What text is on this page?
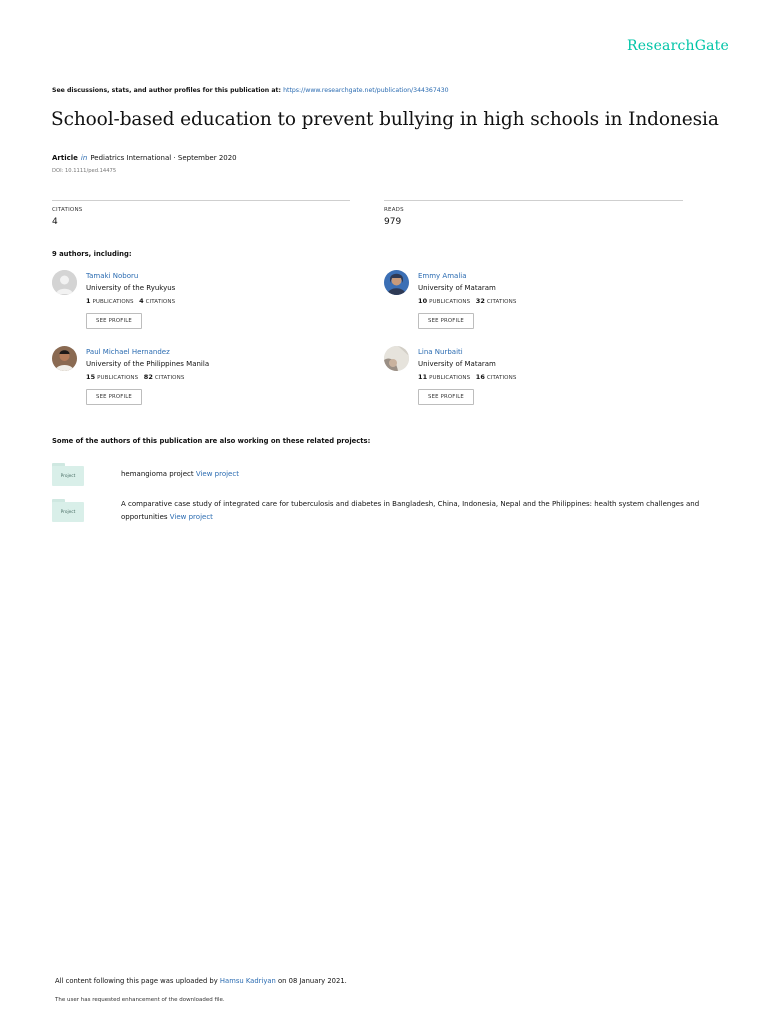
ResearchGate
See discussions, stats, and author profiles for this publication at: https://www.researchgate.net/publication/344367430
School-based education to prevent bullying in high schools in Indonesia
Article in Pediatrics International · September 2020
DOI: 10.1111/ped.14475
CITATIONS
4
READS
979
9 authors, including:
Tamaki Noboru
University of the Ryukyus
1 PUBLICATIONS 4 CITATIONS
SEE PROFILE
Emmy Amalia
University of Mataram
10 PUBLICATIONS 32 CITATIONS
SEE PROFILE
Paul Michael Hernandez
University of the Philippines Manila
15 PUBLICATIONS 82 CITATIONS
SEE PROFILE
Lina Nurbaiti
University of Mataram
11 PUBLICATIONS 16 CITATIONS
SEE PROFILE
Some of the authors of this publication are also working on these related projects:
Project	hemangioma project View project
Project
A comparative case study of integrated care for tuberculosis and diabetes in Bangladesh, China, Indonesia, Nepal and the Philippines: health system challenges and opportunities View project
All content following this page was uploaded by Hamsu Kadriyan on 08 January 2021.
The user has requested enhancement of the downloaded file.
